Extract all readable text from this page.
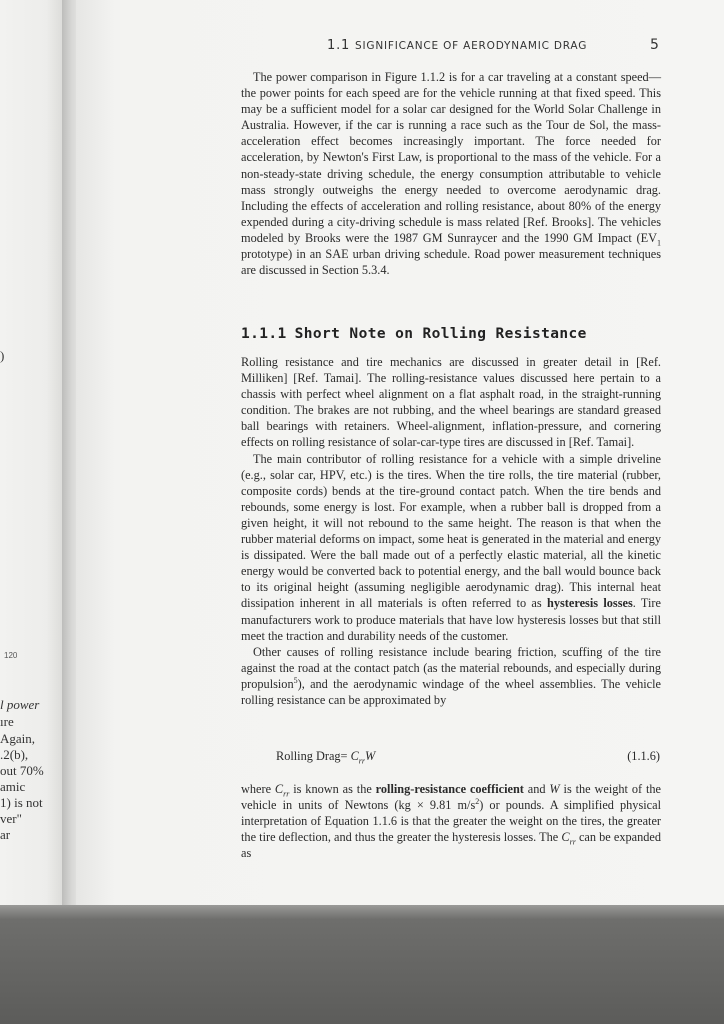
)
120
l power
ıre
Again,
.2(b),
out 70%
amic
1) is not
ver"
ar
1.1 SIGNIFICANCE OF AERODYNAMIC DRAG	5

The power comparison in Figure 1.1.2 is for a car traveling at a constant speed—the power points for each speed are for the vehicle running at that fixed speed. This may be a sufficient model for a solar car designed for the World Solar Challenge in Australia. However, if the car is running a race such as the Tour de Sol, the mass-acceleration effect becomes increasingly important. The force needed for acceleration, by Newton's First Law, is proportional to the mass of the vehicle. For a non-steady-state driving schedule, the energy consumption attributable to vehicle mass strongly outweighs the energy needed to overcome aerodynamic drag. Including the effects of acceleration and rolling resistance, about 80% of the energy expended during a city-driving schedule is mass related [Ref. Brooks]. The vehicles modeled by Brooks were the 1987 GM Sunraycer and the 1990 GM Impact ($EV_1$ prototype) in an SAE urban driving schedule. Road power measurement techniques are discussed in Section 5.3.4.

1.1.1 Short Note on Rolling Resistance

Rolling resistance and tire mechanics are discussed in greater detail in [Ref. Milliken] [Ref. Tamai]. The rolling-resistance values discussed here pertain to a chassis with perfect wheel alignment on a flat asphalt road, in the straight-running condition. The brakes are not rubbing, and the wheel bearings are standard greased ball bearings with retainers. Wheel-alignment, inflation-pressure, and cornering effects on rolling resistance of solar-car-type tires are discussed in [Ref. Tamai].

The main contributor of rolling resistance for a vehicle with a simple driveline (e.g., solar car, HPV, etc.) is the tires. When the tire rolls, the tire material (rubber, composite cords) bends at the tire-ground contact patch. When the tire bends and rebounds, some energy is lost. For example, when a rubber ball is dropped from a given height, it will not rebound to the same height. The reason is that when the rubber material deforms on impact, some heat is generated in the material and energy is dissipated. Were the ball made out of a perfectly elastic material, all the kinetic energy would be converted back to potential energy, and the ball would bounce back to its original height (assuming negligible aerodynamic drag). This internal heat dissipation inherent in all materials is often referred to as hysteresis losses. Tire manufacturers work to produce materials that have low hysteresis losses but that still meet the traction and durability needs of the customer.

Other causes of rolling resistance include bearing friction, scuffing of the tire against the road at the contact patch (as the material rebounds, and especially during propulsion$^5$), and the aerodynamic windage of the wheel assemblies. The vehicle rolling resistance can be approximated by

Rolling Drag= $C_{rr}W$	(1.1.6)

where $C_{rr}$ is known as the rolling-resistance coefficient and W is the weight of the vehicle in units of Newtons (kg × 9.81 $m/s^2$) or pounds. A simplified physical interpretation of Equation 1.1.6 is that the greater the weight on the tires, the greater the tire deflection, and thus the greater the hysteresis losses. The $C_{rr}$ can be expanded as
